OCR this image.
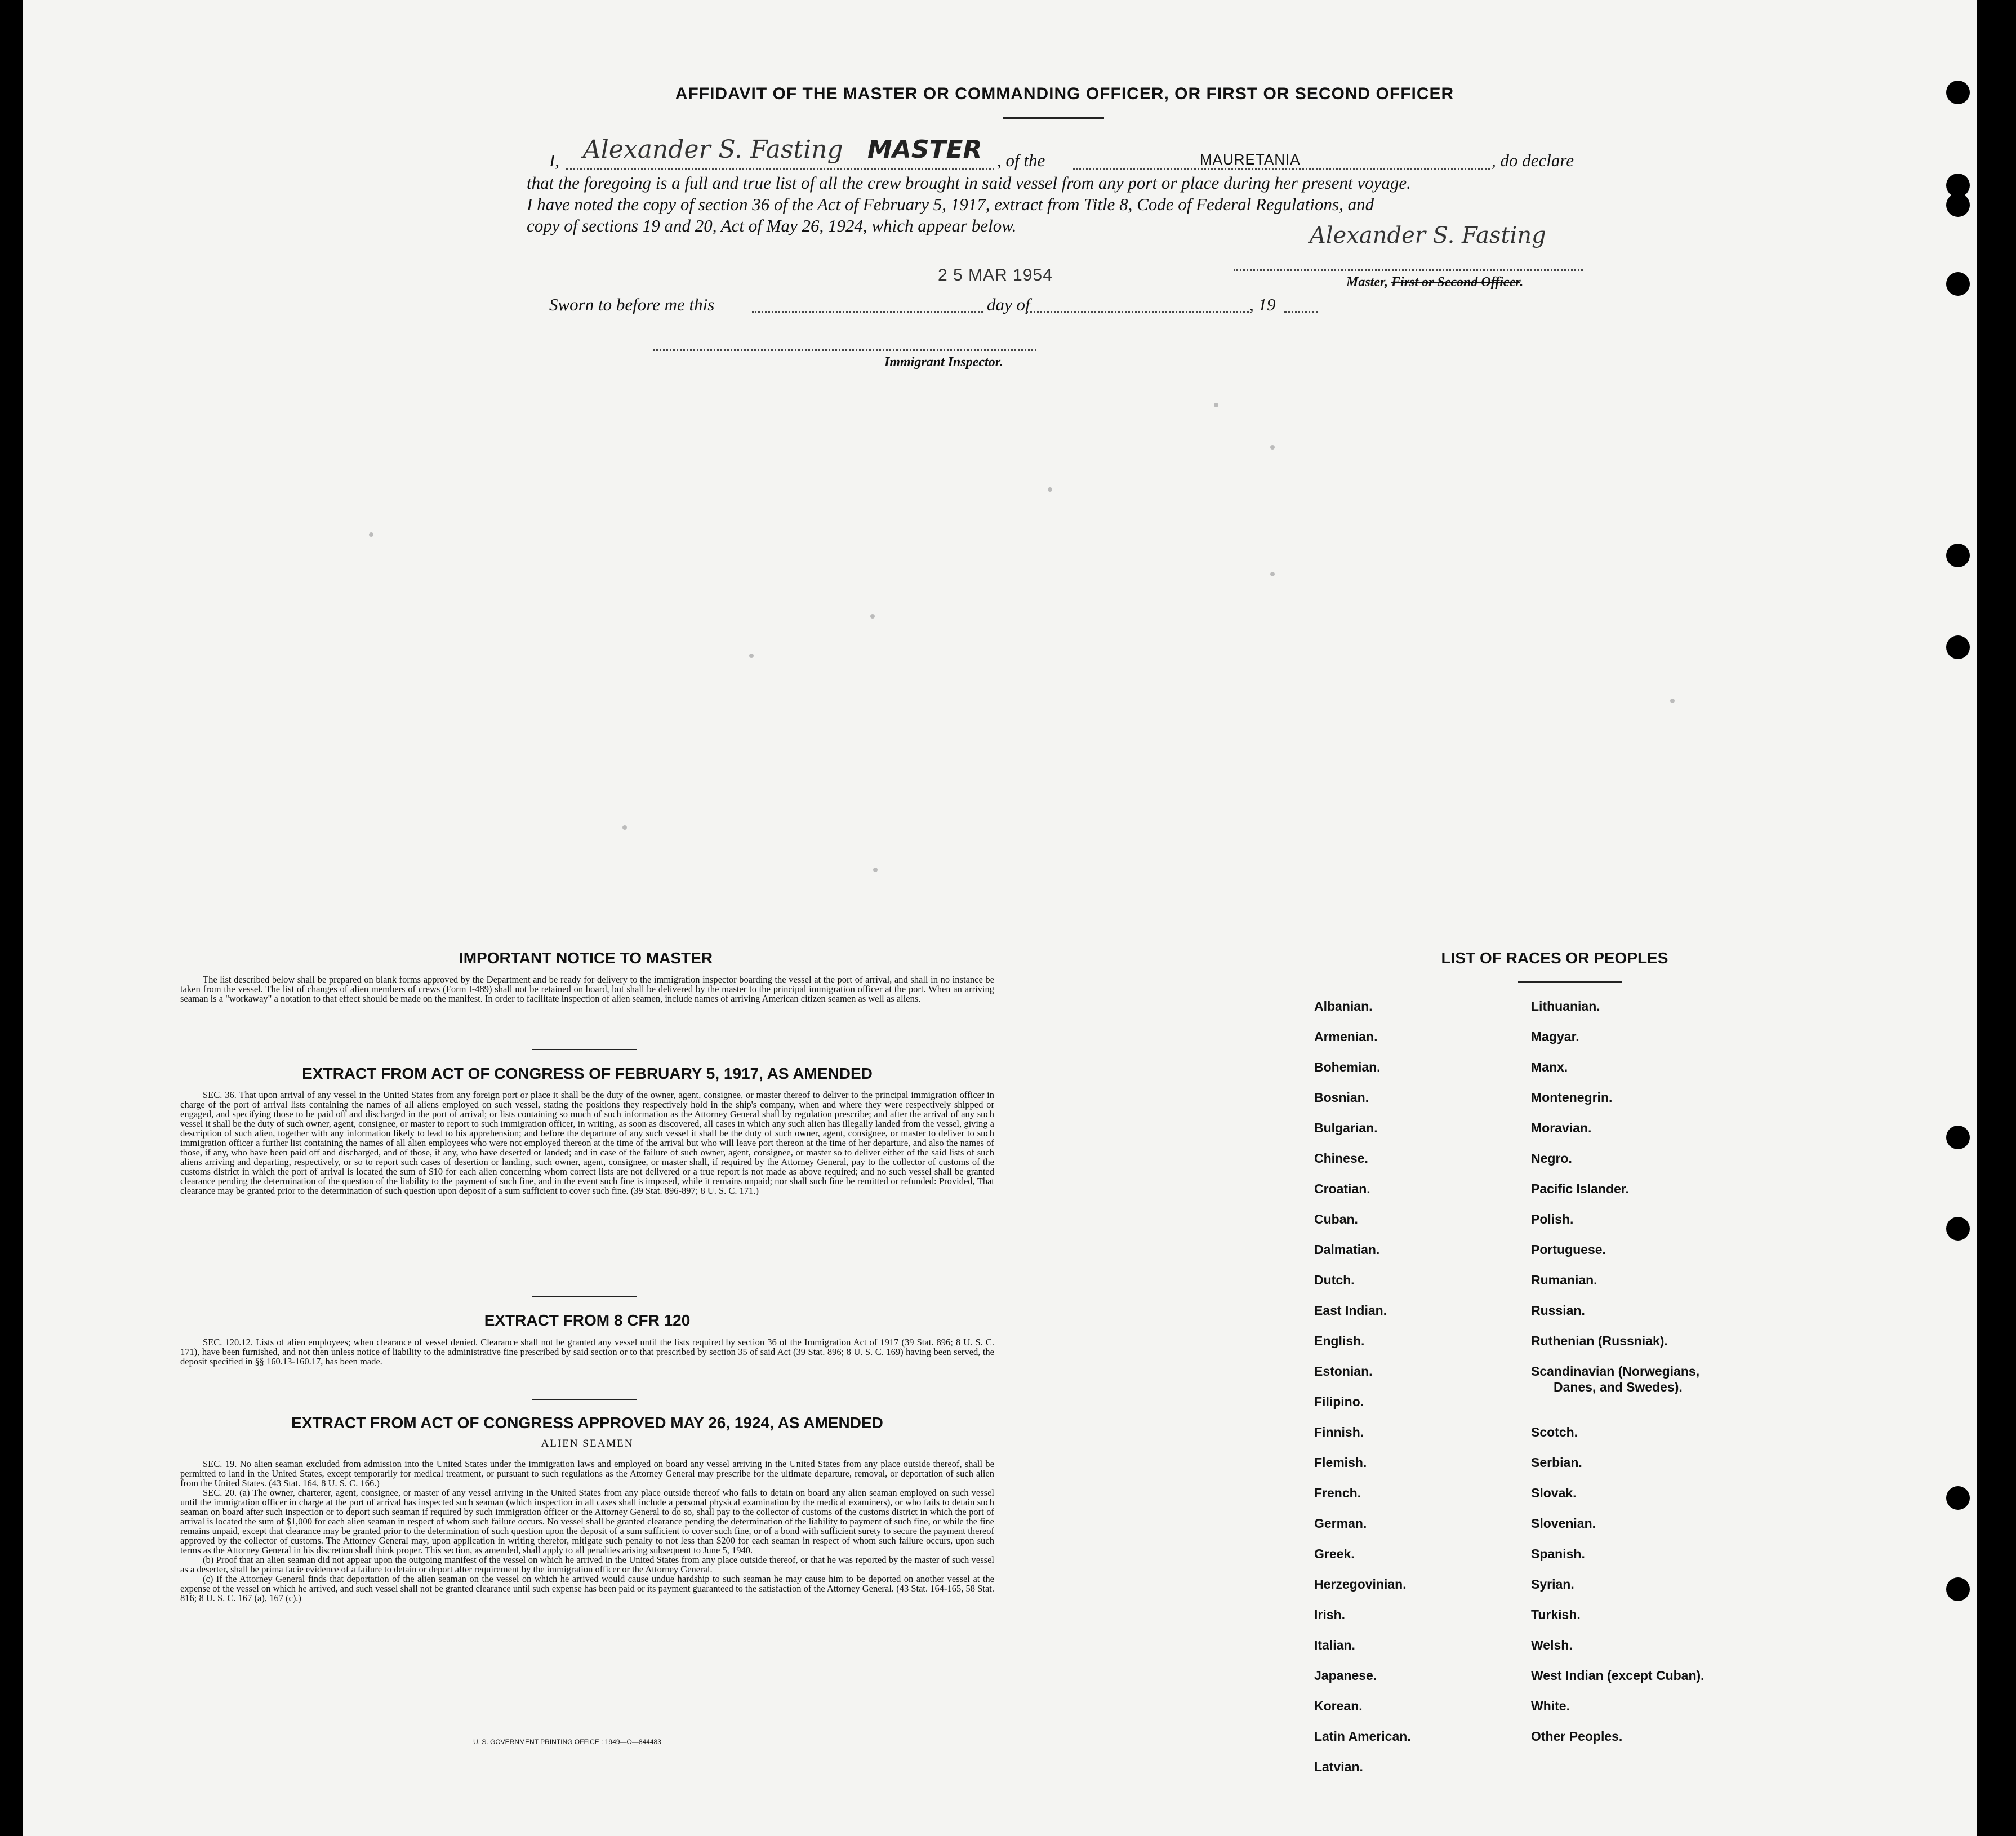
AFFIDAVIT OF THE MASTER OR COMMANDING OFFICER, OR FIRST OR SECOND OFFICER
I, Alexander S. Fasting MASTER , of the	MAURETANIA	, do declare
that the foregoing is a full and true list of all the crew brought in said vessel from any port or place during her present voyage.
I have noted the copy of section 36 of the Act of February 5, 1917, extract from Title 8, Code of Federal Regulations, and
copy of sections 19 and 20, Act of May 26, 1924, which appear below.	Alexander S. Fasting
Master, First or Second Officer.
2 5 MAR 1954
Sworn to before me this	day of	, 19
Immigrant Inspector.
IMPORTANT NOTICE TO MASTER

The list described below shall be prepared on blank forms approved by the Department and be ready for delivery to the immigration inspector boarding the vessel at the port of arrival, and shall in no instance be taken from the vessel. The list of changes of alien members of crews (Form I-489) shall not be retained on board, but shall be delivered by the master to the principal immigration officer at the port. When an arriving seaman is a "workaway" a notation to that effect should be made on the manifest. In order to facilitate inspection of alien seamen, include names of arriving American citizen seamen as well as aliens.

EXTRACT FROM ACT OF CONGRESS OF FEBRUARY 5, 1917, AS AMENDED

SEC. 36. That upon arrival of any vessel in the United States from any foreign port or place it shall be the duty of the owner, agent, consignee, or master thereof to deliver to the principal immigration officer in charge of the port of arrival lists containing the names of all aliens employed on such vessel, stating the positions they respectively hold in the ship's company, when and where they were respectively shipped or engaged, and specifying those to be paid off and discharged in the port of arrival; or lists containing so much of such information as the Attorney General shall by regulation prescribe; and after the arrival of any such vessel it shall be the duty of such owner, agent, consignee, or master to report to such immigration officer, in writing, as soon as discovered, all cases in which any such alien has illegally landed from the vessel, giving a description of such alien, together with any information likely to lead to his apprehension; and before the departure of any such vessel it shall be the duty of such owner, agent, consignee, or master to deliver to such immigration officer a further list containing the names of all alien employees who were not employed thereon at the time of the arrival but who will leave port thereon at the time of her departure, and also the names of those, if any, who have been paid off and discharged, and of those, if any, who have deserted or landed; and in case of the failure of such owner, agent, consignee, or master so to deliver either of the said lists of such aliens arriving and departing, respectively, or so to report such cases of desertion or landing, such owner, agent, consignee, or master shall, if required by the Attorney General, pay to the collector of customs of the customs district in which the port of arrival is located the sum of $10 for each alien concerning whom correct lists are not delivered or a true report is not made as above required; and no such vessel shall be granted clearance pending the determination of the question of the liability to the payment of such fine, and in the event such fine is imposed, while it remains unpaid; nor shall such fine be remitted or refunded: Provided, That clearance may be granted prior to the determination of such question upon deposit of a sum sufficient to cover such fine. (39 Stat. 896-897; 8 U. S. C. 171.)

EXTRACT FROM 8 CFR 120

SEC. 120.12. Lists of alien employees; when clearance of vessel denied. Clearance shall not be granted any vessel until the lists required by section 36 of the Immigration Act of 1917 (39 Stat. 896; 8 U. S. C. 171), have been furnished, and not then unless notice of liability to the administrative fine prescribed by said section or to that prescribed by section 35 of said Act (39 Stat. 896; 8 U. S. C. 169) having been served, the deposit specified in §§ 160.13-160.17, has been made.

EXTRACT FROM ACT OF CONGRESS APPROVED MAY 26, 1924, AS AMENDED
ALIEN SEAMEN

SEC. 19. No alien seaman excluded from admission into the United States under the immigration laws and employed on board any vessel arriving in the United States from any place outside thereof, shall be permitted to land in the United States, except temporarily for medical treatment, or pursuant to such regulations as the Attorney General may prescribe for the ultimate departure, removal, or deportation of such alien from the United States. (43 Stat. 164, 8 U. S. C. 166.)

SEC. 20. (a) The owner, charterer, agent, consignee, or master of any vessel arriving in the United States from any place outside thereof who fails to detain on board any alien seaman employed on such vessel until the immigration officer in charge at the port of arrival has inspected such seaman (which inspection in all cases shall include a personal physical examination by the medical examiners), or who fails to detain such seaman on board after such inspection or to deport such seaman if required by such immigration officer or the Attorney General to do so, shall pay to the collector of customs of the customs district in which the port of arrival is located the sum of $1,000 for each alien seaman in respect of whom such failure occurs. No vessel shall be granted clearance pending the determination of the liability to payment of such fine, or while the fine remains unpaid, except that clearance may be granted prior to the determination of such question upon the deposit of a sum sufficient to cover such fine, or of a bond with sufficient surety to secure the payment thereof approved by the collector of customs. The Attorney General may, upon application in writing therefor, mitigate such penalty to not less than $200 for each seaman in respect of whom such failure occurs, upon such terms as the Attorney General in his discretion shall think proper. This section, as amended, shall apply to all penalties arising subsequent to June 5, 1940.

(b) Proof that an alien seaman did not appear upon the outgoing manifest of the vessel on which he arrived in the United States from any place outside thereof, or that he was reported by the master of such vessel as a deserter, shall be prima facie evidence of a failure to detain or deport after requirement by the immigration officer or the Attorney General.

(c) If the Attorney General finds that deportation of the alien seaman on the vessel on which he arrived would cause undue hardship to such seaman he may cause him to be deported on another vessel at the expense of the vessel on which he arrived, and such vessel shall not be granted clearance until such expense has been paid or its payment guaranteed to the satisfaction of the Attorney General. (43 Stat. 164-165, 58 Stat. 816; 8 U. S. C. 167 (a), 167 (c).)

U. S. GOVERNMENT PRINTING OFFICE : 1949—O—844483
LIST OF RACES OR PEOPLES
Albanian.
Armenian.
Bohemian.
Bosnian.
Bulgarian.
Chinese.
Croatian.
Cuban.
Dalmatian.
Dutch.
East Indian.
English.
Estonian.
Filipino.
Finnish.
Flemish.
French.
German.
Greek.
Herzegovinian.
Irish.
Italian.
Japanese.
Korean.
Latin American.
Latvian.
Lithuanian.
Magyar.
Manx.
Montenegrin.
Moravian.
Negro.
Pacific Islander.
Polish.
Portuguese.
Rumanian.
Russian.
Ruthenian (Russniak).
Scandinavian (Norwegians,
Danes, and Swedes).
Scotch.
Serbian.
Slovak.
Slovenian.
Spanish.
Syrian.
Turkish.
Welsh.
West Indian (except Cuban).
White.
Other Peoples.
